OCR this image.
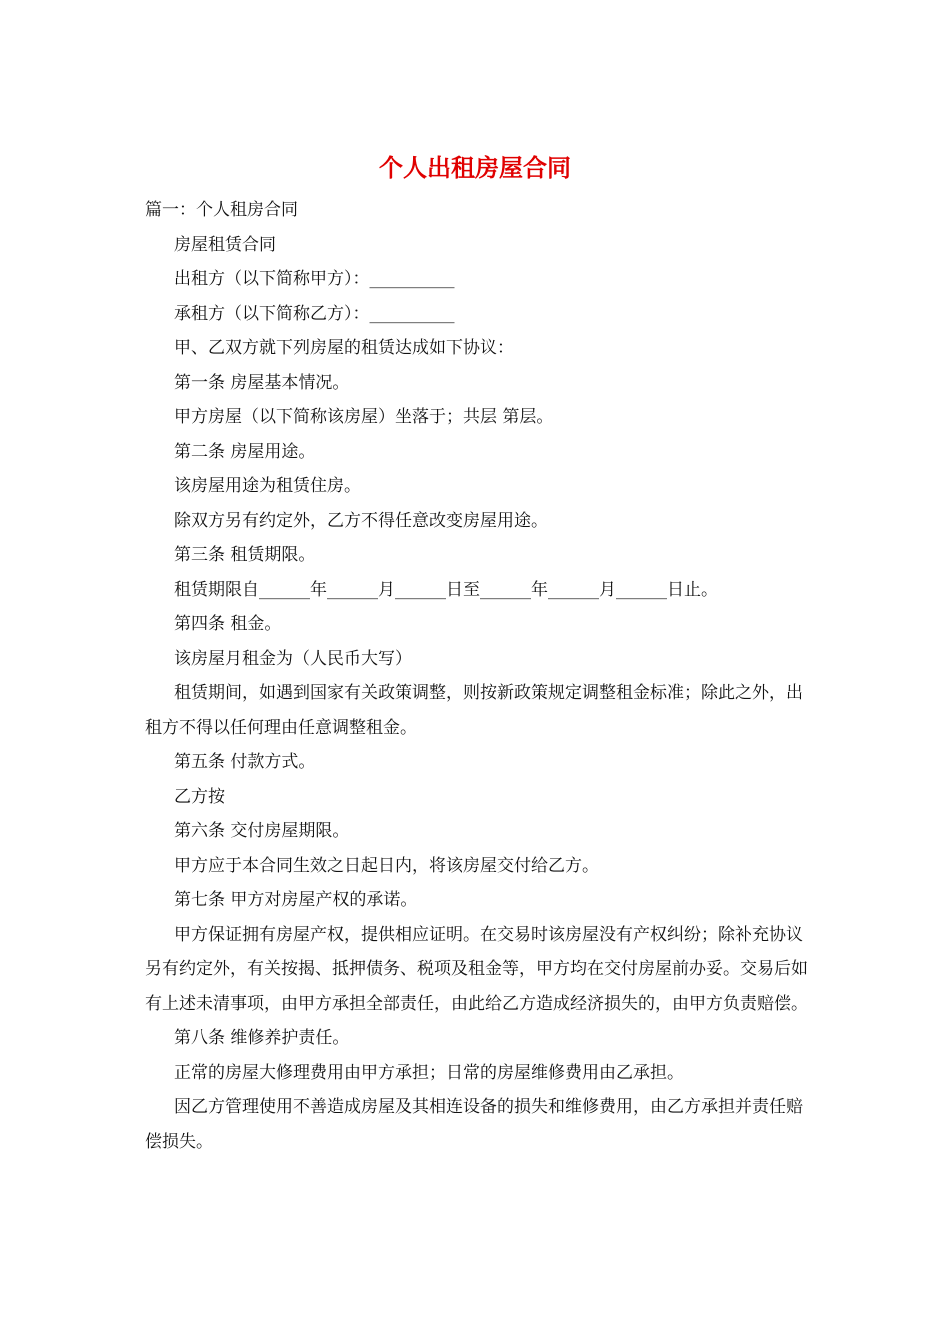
个人出租房屋合同

篇一：个人租房合同

房屋租赁合同

出租方（以下简称甲方）：__________

承租方（以下简称乙方）：__________

甲、乙双方就下列房屋的租赁达成如下协议：

第一条 房屋基本情况。

甲方房屋（以下简称该房屋）坐落于；共层 第层。

第二条 房屋用途。

该房屋用途为租赁住房。

除双方另有约定外，乙方不得任意改变房屋用途。

第三条 租赁期限。

租赁期限自______年______月______日至______年______月______日止。

第四条 租金。

该房屋月租金为（人民币大写）

租赁期间，如遇到国家有关政策调整，则按新政策规定调整租金标准；除此之外，出租方不得以任何理由任意调整租金。

第五条 付款方式。

乙方按

第六条 交付房屋期限。

甲方应于本合同生效之日起日内，将该房屋交付给乙方。

第七条 甲方对房屋产权的承诺。

甲方保证拥有房屋产权，提供相应证明。在交易时该房屋没有产权纠纷；除补充协议另有约定外，有关按揭、抵押债务、税项及租金等，甲方均在交付房屋前办妥。交易后如有上述未清事项，由甲方承担全部责任，由此给乙方造成经济损失的，由甲方负责赔偿。

第八条 维修养护责任。

正常的房屋大修理费用由甲方承担；日常的房屋维修费用由乙承担。

因乙方管理使用不善造成房屋及其相连设备的损失和维修费用，由乙方承担并责任赔偿损失。
